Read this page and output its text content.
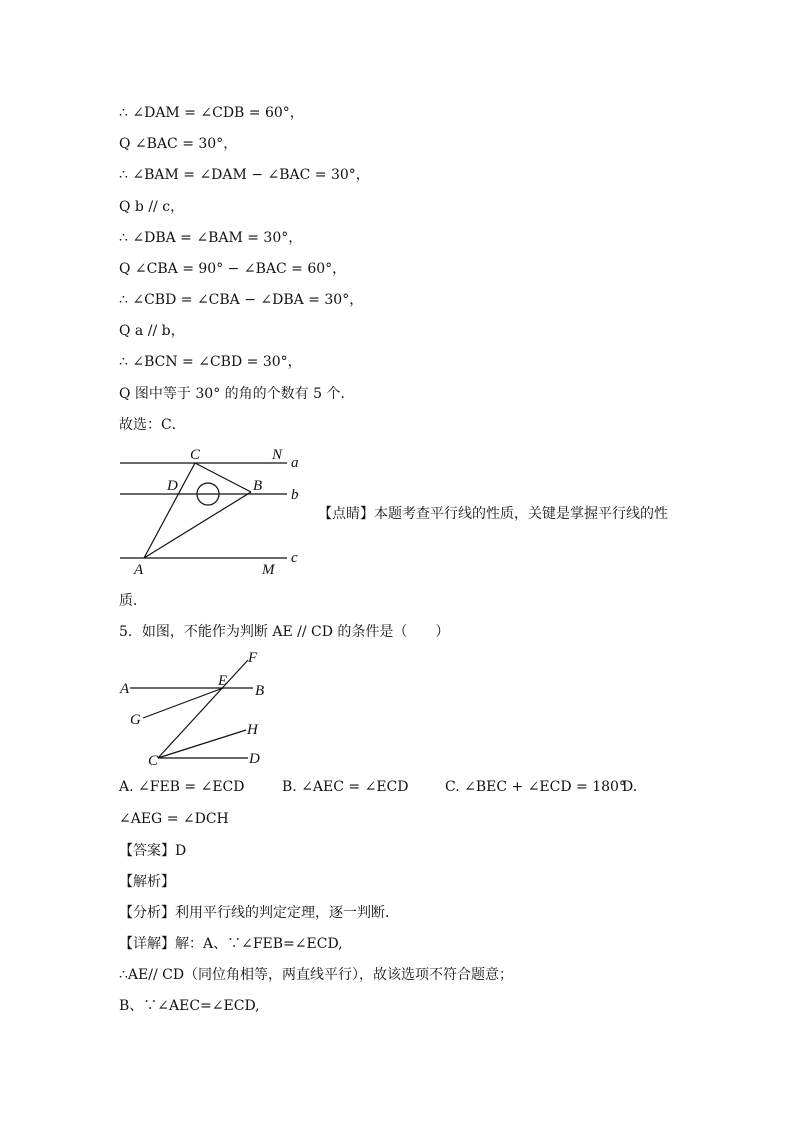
∴ ∠DAM = ∠CDB = 60°，
Q ∠BAC = 30°，
∴ ∠BAM = ∠DAM − ∠BAC = 30°，
Q b // c，
∴ ∠DBA = ∠BAM = 30°，
Q ∠CBA = 90° − ∠BAC = 60°，
∴ ∠CBD = ∠CBA − ∠DBA = 30°，
Q a // b，
∴ ∠BCN = ∠CBD = 30°，
Q 图中等于 30° 的角的个数有 5 个．
故选：C．
C	N a
D	B
b
A	M
c
【点睛】本题考查平行线的性质，关键是掌握平行线的性
质．
5．如图，不能作为判断 AE // CD 的条件是（　　）
F
A	E
B
G
H
C	D
A. ∠FEB = ∠ECD	B. ∠AEC = ∠ECD	C. ∠BEC + ∠ECD = 180°
D.
∠AEG = ∠DCH
【答案】D
【解析】
【分析】利用平行线的判定定理，逐一判断．
【详解】解：A、∵∠FEB=∠ECD,
∴AE// CD（同位角相等，两直线平行），故该选项不符合题意；
B、∵∠AEC=∠ECD,
